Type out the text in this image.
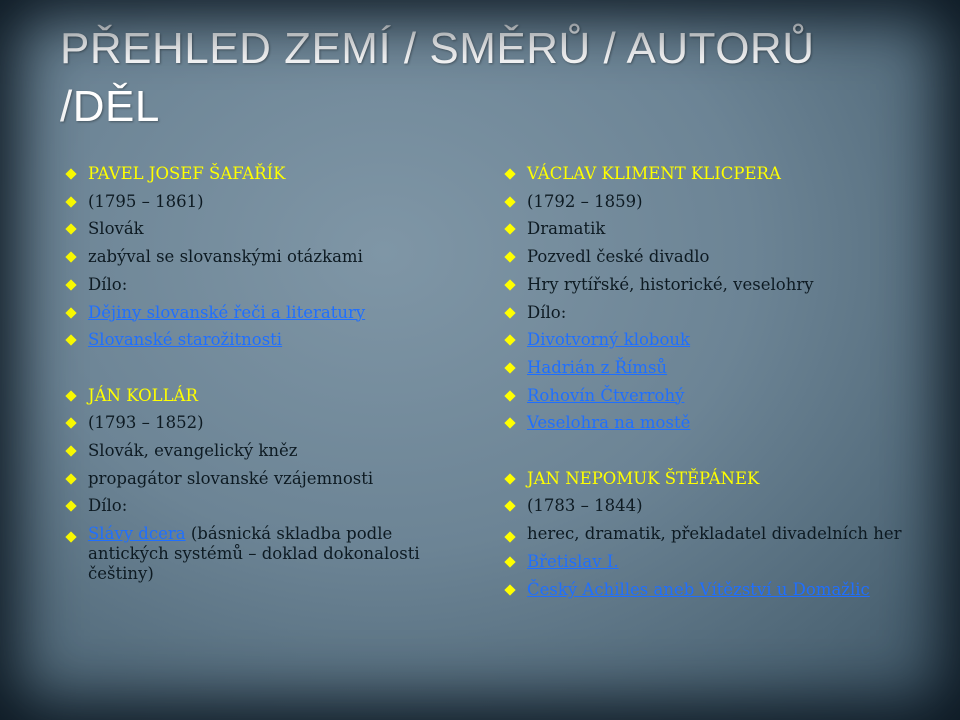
PŘEHLED ZEMÍ / SMĚRŮ / AUTORŮ /DĚL
PAVEL JOSEF ŠAFAŘÍK
(1795 – 1861)
Slovák
zabýval se slovanskými otázkami
Dílo:
Dějiny slovanské řeči a literatury
Slovanské starožitnosti
JÁN KOLLÁR
(1793 – 1852)
Slovák, evangelický kněz
propagátor slovanské vzájemnosti
Dílo:
Slávy dcera (básnická skladba podle antických systémů – doklad dokonalosti češtiny)
VÁCLAV KLIMENT KLICPERA
(1792 – 1859)
Dramatik
Pozvedl české divadlo
Hry rytířské, historické, veselohry
Dílo:
Divotvorný klobouk
Hadrián z Římsů
Rohovín Čtverrohý
Veselohra na mostě
JAN NEPOMUK ŠTĚPÁNEK
(1783 – 1844)
herec, dramatik, překladatel divadelních her
Břetislav I.
Český Achilles aneb Vítězství u Domažlic
